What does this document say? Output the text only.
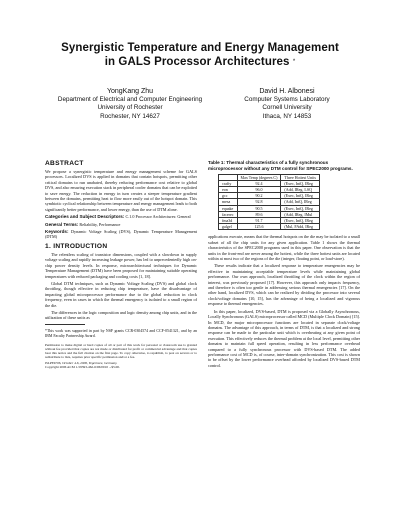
Synergistic Temperature and Energy Management
in GALS Processor Architectures *
YongKang Zhu
Department of Electrical and Computer Engineering
University of Rochester
Rochester, NY 14627
David H. Albonesi
Computer Systems Laboratory
Cornell University
Ithaca, NY 14853
ABSTRACT

We propose a synergistic temperature and energy management scheme for GALS processors. Localized DVS is applied in domains that contain hotspots, permitting other critical domains to run unabated, thereby reducing performance cost relative to global DVS, and also ensuring execution stack in peripheral cooler domains that can be exploited to save energy. The reduction in energy in turn creates a steeper temperature gradient between the domains, permitting heat to flow more easily out of the hotspot domain. This symbiotic cyclical relationship between temperature and energy management leads to both significantly better performance, and lower energy, than the use of DTM alone.

Categories and Subject Descriptors: C.1.0 Processor Architectures: General

General Terms: Reliability, Performance

Keywords: Dynamic Voltage Scaling (DVS), Dynamic Temperature Management (DTM)

1. INTRODUCTION

The relentless scaling of transistor dimensions, coupled with a slowdown in supply voltage scaling and rapidly increasing leakage power, has led to unprecedentedly high on-chip power density levels. In response, microarchitectural techniques for Dynamic Temperature Management (DTM) have been proposed for maintaining suitable operating temperatures with reduced packaging and cooling costs [1, 18].

Global DTM techniques, such as Dynamic Voltage Scaling (DVS) and global clock throttling, though effective in reducing chip temperature, have the disadvantage of impacting global microprocessor performance due to the global reduction in clock frequency, even in cases in which the thermal emergency is isolated to a small region of the die.

The differences in the logic composition and logic density among chip units, and in the utilization of these units as

*This work was supported in part by NSF grants CCR-0304574 and CCF-0541321, and by an IBM Faculty Partnership Award.

Permission to make digital or hard copies of all or part of this work for personal or classroom use is granted without fee provided that copies are not made or distributed for profit or commercial advantage and that copies bear this notice and the full citation on the first page. To copy otherwise, to republish, to post on servers or to redistribute to lists, requires prior specific permission and/or a fee.

ISLPED'06, October 4-6, 2006, Tegernsee, Germany.

Copyright 2006 ACM 1-59593-462-6/06/0010 ...$5.00.

Table 1: Thermal characteristics of a fully synchronous microprocessor without any DTM control for SPEC2000 programs.
	Max Temp (degrees C)	Three Hottest Units
crafty	92.4	(Exec, IntQ, IReg
eon	96.0	(Add, IReg, LSQ
gcc	90.2	(Exec, IntQ, IReg
mesa	92.8	(Add, IntQ, IReg
equake	90.5	(Exec, IntQ, IReg
facerec	89.6	(Add, IReg, IMul
fma3d	91.7	(Exec, IntQ, IReg
galgel	125.6	(Mul, FAdd, IReg

applications execute, means that the thermal hotspots on the die may be isolated to a small subset of all the chip units for any given application. Table 1 shows the thermal characteristics of the SPEC2000 programs used in this paper. One observation is that the units in the front-end are never among the hottest, while the three hottest units are located within at most two of the regions of the die (integer, floating point, or load-store).

These results indicate that a localized response to temperature emergencies may be effective in maintaining acceptable temperature levels while maintaining global performance. Our own approach, localized throttling of the clock within the region of interest, was previously proposed [17]. However, this approach only impacts frequency, and therefore is often too gentle in addressing serious thermal emergencies [17]. On the other hand, localized DVS, which can be realized by dividing the processor into several clock/voltage domains [10, 15], has the advantage of being a localized and vigorous response to thermal emergencies.

In this paper, localized, DVS-based, DTM is proposed via a Globally Asynchronous, Locally Synchronous (GALS) microprocessor called MCD (Multiple Clock Domain) [15]. In MCD, the major microprocessor functions are located in separate clock/voltage domains. The advantage of this approach, in terms of DTM, is that a localized and strong response can be made to the particular unit which is overheating at any given point of execution. This effectively reduces the thermal problem at the local level, permitting other domains to maintain full speed operation, resulting in less performance overhead compared to a fully synchronous processor with DVS-based DTM. The added performance cost of MCD is, of course, inter-domain synchronization. This cost is shown to be offset by the lower performance overhead afforded by localized DVS-based DTM control.
